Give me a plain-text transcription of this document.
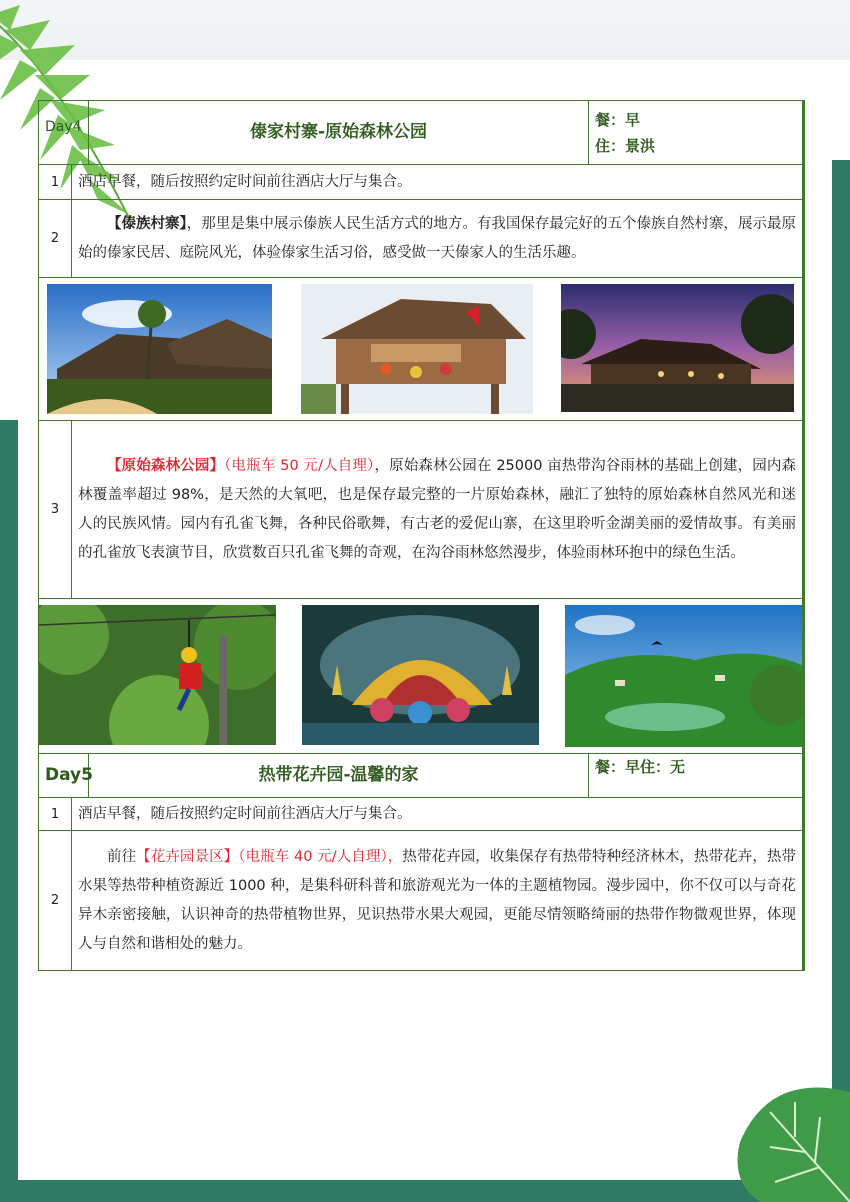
Day4		傣家村寨-原始森林公园	餐：早
住：景洪

1	酒店早餐，随后按照约定时间前往酒店大厅与集合。		
2	【傣族村寨】，那里是集中展示傣族人民生活方式的地方。有我国保存最完好的五个傣族自然村寨，展示最原始的傣家民居、庭院风光，体验傣家生活习俗，感受做一天傣家人的生活乐趣。		

3	【原始森林公园】（电瓶车 50 元/人自理），原始森林公园在 25000 亩热带沟谷雨林的基础上创建，园内森林覆盖率超过 98%，是天然的大氧吧，也是保存最完整的一片原始森林，融汇了独特的原始森林自然风光和迷人的民族风情。园内有孔雀飞舞，各种民俗歌舞，有古老的爱伲山寨，在这里聆听金湖美丽的爱情故事。有美丽的孔雀放飞表演节目，欣赏数百只孔雀飞舞的奇观，在沟谷雨林悠然漫步，体验雨林环抱中的绿色生活。		

Day5		热带花卉园-温馨的家	餐：早住：无
1	酒店早餐，随后按照约定时间前往酒店大厅与集合。		
2	前往【花卉园景区】（电瓶车 40 元/人自理），热带花卉园，收集保存有热带特种经济林木，热带花卉，热带水果等热带种植资源近 1000 种，是集科研科普和旅游观光为一体的主题植物园。漫步园中，你不仅可以与奇花异木亲密接触，认识神奇的热带植物世界，见识热带水果大观园，更能尽情领略绮丽的热带作物微观世界，体现人与自然和谐相处的魅力。		
